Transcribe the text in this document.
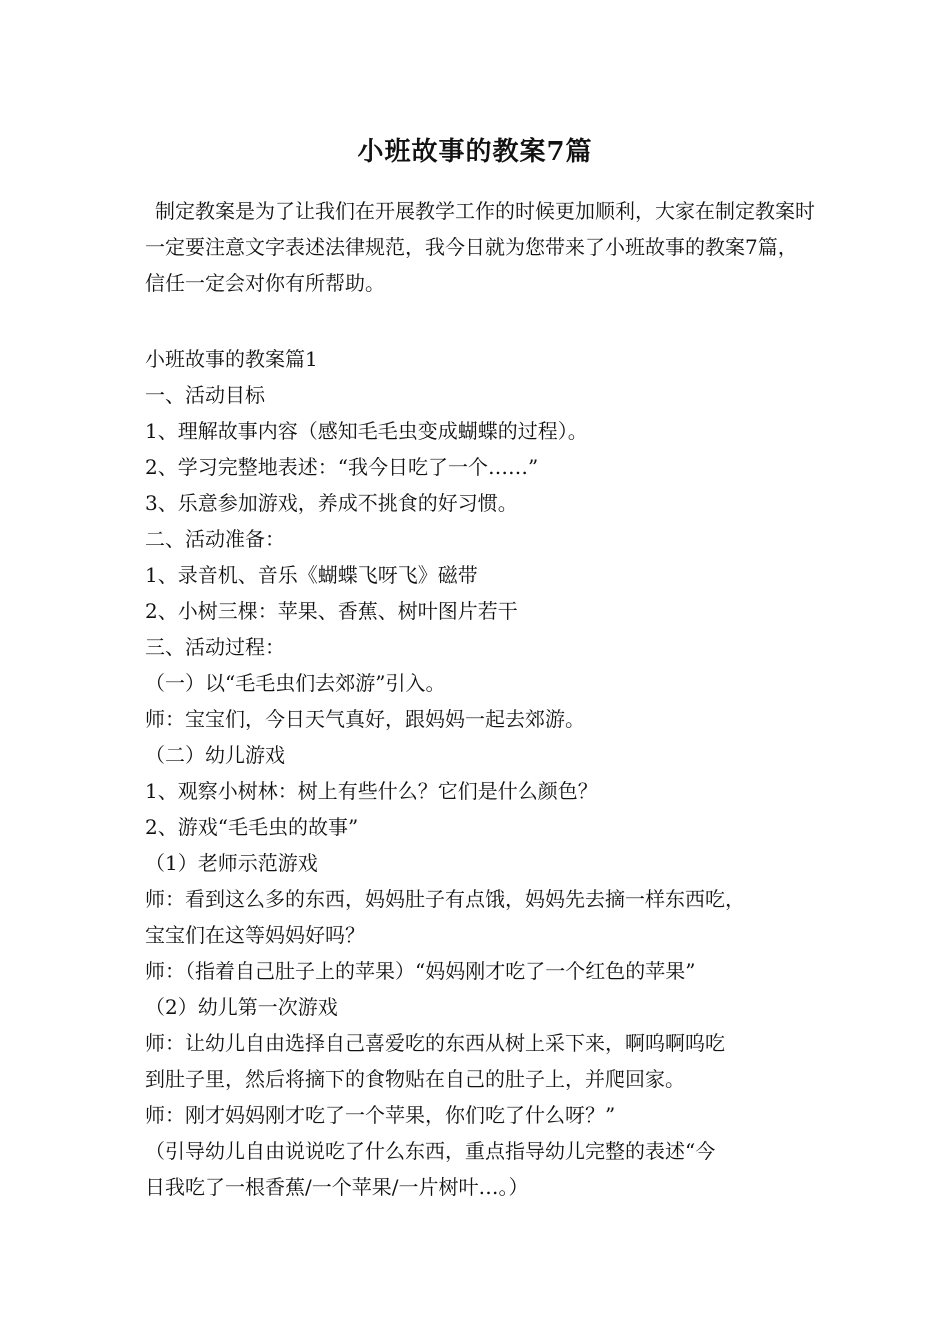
小班故事的教案7篇

制定教案是为了让我们在开展教学工作的时候更加顺利，大家在制定教案时一定要注意文字表述法律规范，我今日就为您带来了小班故事的教案7篇，信任一定会对你有所帮助。

小班故事的教案篇1
一、活动目标
1、理解故事内容（感知毛毛虫变成蝴蝶的过程）。
2、学习完整地表述：“我今日吃了一个……”
3、乐意参加游戏，养成不挑食的好习惯。
二、活动准备：
1、录音机、音乐《蝴蝶飞呀飞》磁带
2、小树三棵：苹果、香蕉、树叶图片若干
三、活动过程：
（一）以“毛毛虫们去郊游”引入。
师：宝宝们，今日天气真好，跟妈妈一起去郊游。
（二）幼儿游戏
1、观察小树林：树上有些什么？它们是什么颜色？
2、游戏“毛毛虫的故事”
（1）老师示范游戏
师：看到这么多的东西，妈妈肚子有点饿，妈妈先去摘一样东西吃，
宝宝们在这等妈妈好吗？
师：（指着自己肚子上的苹果）“妈妈刚才吃了一个红色的苹果”
（2）幼儿第一次游戏
师：让幼儿自由选择自己喜爱吃的东西从树上采下来，啊呜啊呜吃
到肚子里，然后将摘下的食物贴在自己的肚子上，并爬回家。
师：刚才妈妈刚才吃了一个苹果，你们吃了什么呀？”
（引导幼儿自由说说吃了什么东西，重点指导幼儿完整的表述“今
日我吃了一根香蕉/一个苹果/一片树叶…。）
